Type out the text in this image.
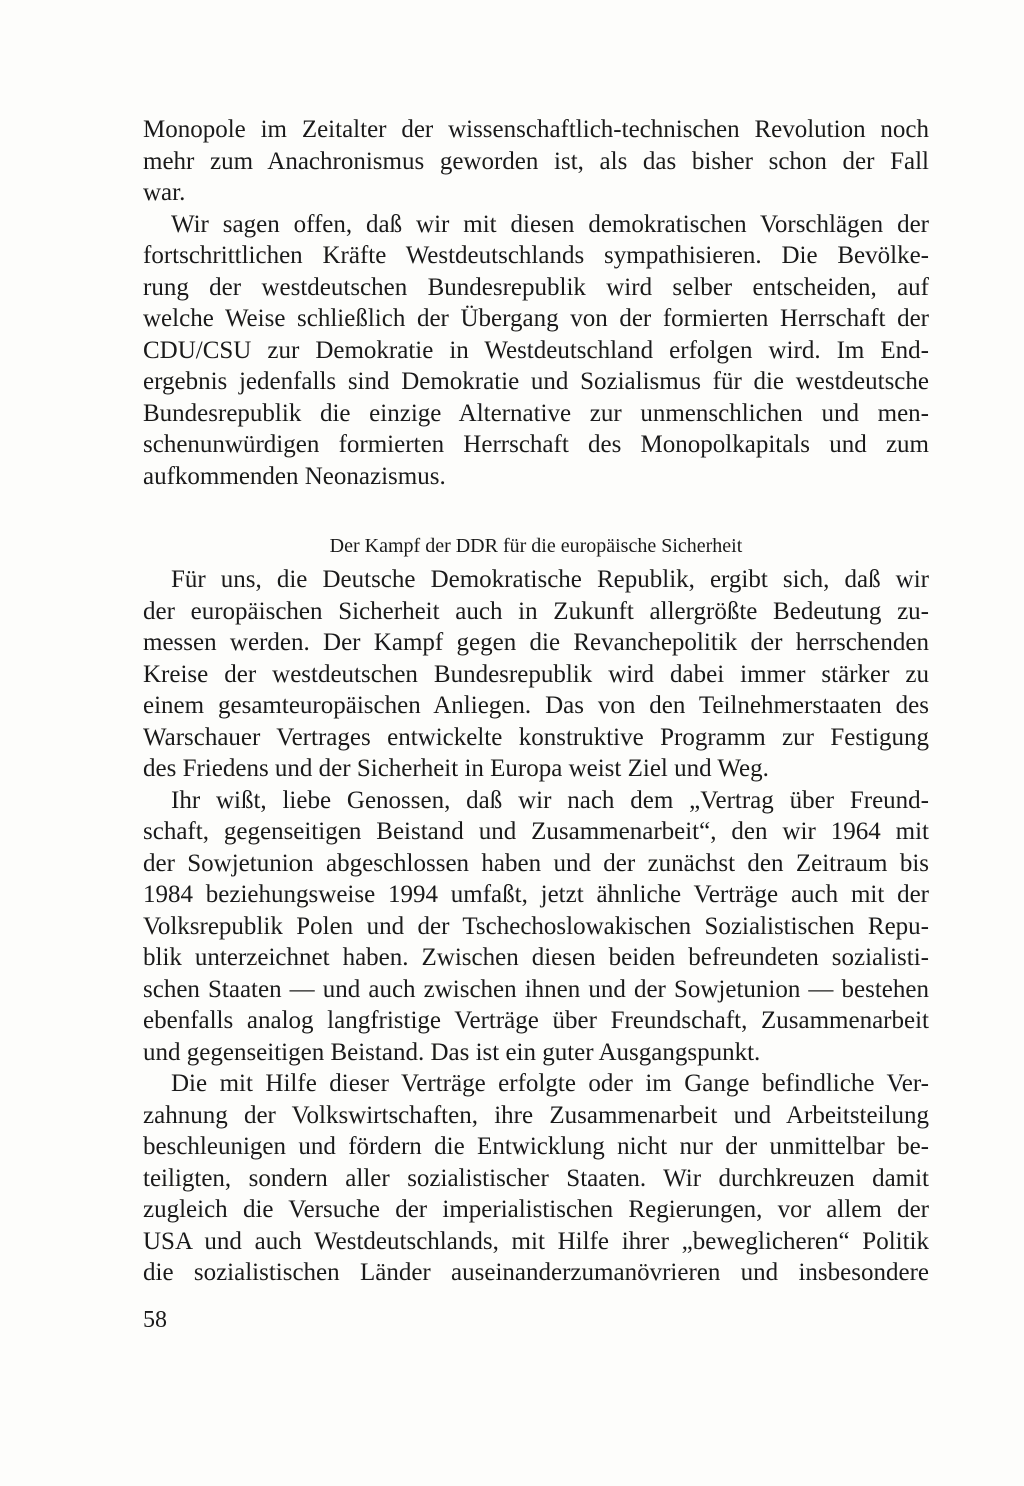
Monopole im Zeitalter der wissenschaftlich-technischen Revolution noch
mehr zum Anachronismus geworden ist, als das bisher schon der Fall
war.
Wir sagen offen, daß wir mit diesen demokratischen Vorschlägen der
fortschrittlichen Kräfte Westdeutschlands sympathisieren. Die Bevölke-
rung der westdeutschen Bundesrepublik wird selber entscheiden, auf
welche Weise schließlich der Übergang von der formierten Herrschaft der
CDU/CSU zur Demokratie in Westdeutschland erfolgen wird. Im End-
ergebnis jedenfalls sind Demokratie und Sozialismus für die westdeutsche
Bundesrepublik die einzige Alternative zur unmenschlichen und men-
schenunwürdigen formierten Herrschaft des Monopolkapitals und zum
aufkommenden Neonazismus.
Der Kampf der DDR für die europäische Sicherheit
Für uns, die Deutsche Demokratische Republik, ergibt sich, daß wir
der europäischen Sicherheit auch in Zukunft allergrößte Bedeutung zu-
messen werden. Der Kampf gegen die Revanchepolitik der herrschenden
Kreise der westdeutschen Bundesrepublik wird dabei immer stärker zu
einem gesamteuropäischen Anliegen. Das von den Teilnehmerstaaten des
Warschauer Vertrages entwickelte konstruktive Programm zur Festigung
des Friedens und der Sicherheit in Europa weist Ziel und Weg.
Ihr wißt, liebe Genossen, daß wir nach dem „Vertrag über Freund-
schaft, gegenseitigen Beistand und Zusammenarbeit“, den wir 1964 mit
der Sowjetunion abgeschlossen haben und der zunächst den Zeitraum bis
1984 beziehungsweise 1994 umfaßt, jetzt ähnliche Verträge auch mit der
Volksrepublik Polen und der Tschechoslowakischen Sozialistischen Repu-
blik unterzeichnet haben. Zwischen diesen beiden befreundeten sozialisti-
schen Staaten — und auch zwischen ihnen und der Sowjetunion — bestehen
ebenfalls analog langfristige Verträge über Freundschaft, Zusammenarbeit
und gegenseitigen Beistand. Das ist ein guter Ausgangspunkt.
Die mit Hilfe dieser Verträge erfolgte oder im Gange befindliche Ver-
zahnung der Volkswirtschaften, ihre Zusammenarbeit und Arbeitsteilung
beschleunigen und fördern die Entwicklung nicht nur der unmittelbar be-
teiligten, sondern aller sozialistischer Staaten. Wir durchkreuzen damit
zugleich die Versuche der imperialistischen Regierungen, vor allem der
USA und auch Westdeutschlands, mit Hilfe ihrer „beweglicheren“ Politik
die sozialistischen Länder auseinanderzumanövrieren und insbesondere
58
